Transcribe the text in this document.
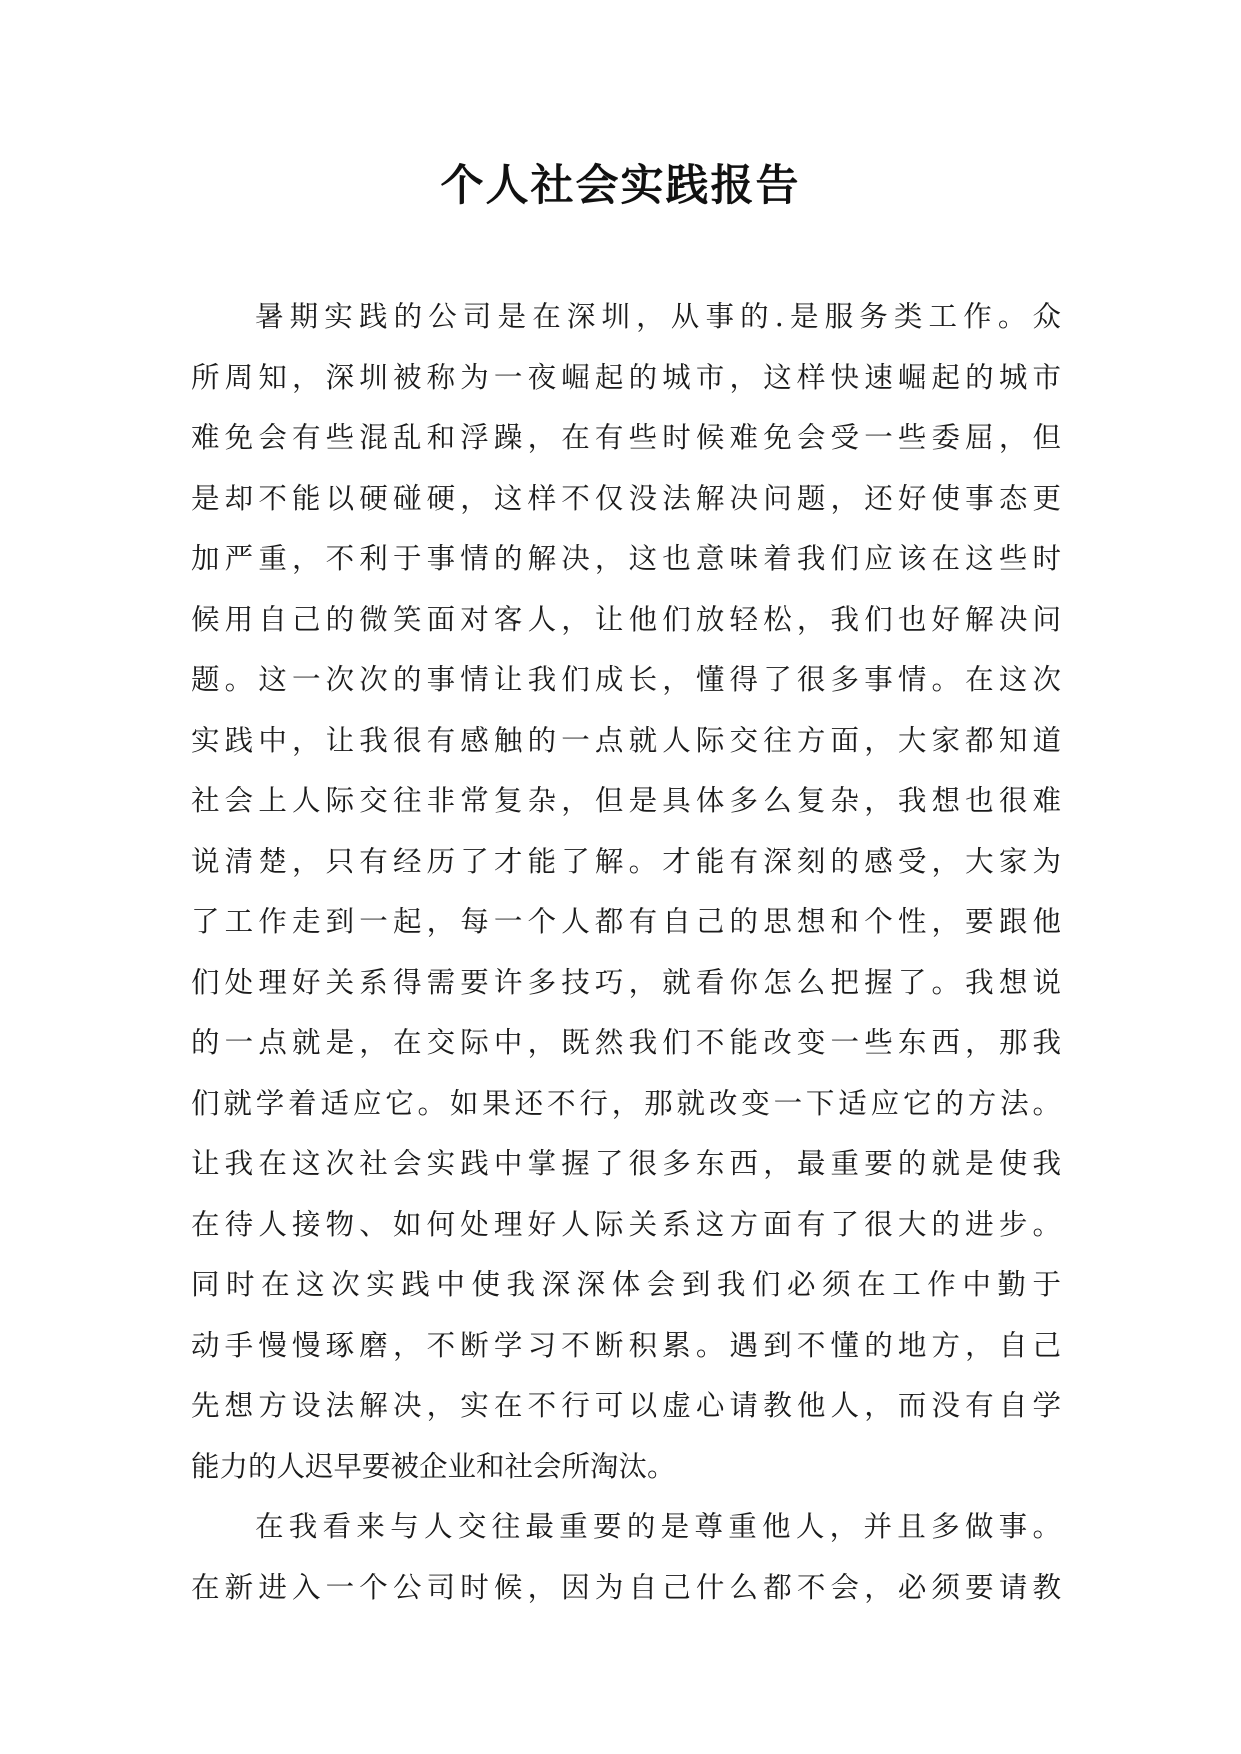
个人社会实践报告
暑期实践的公司是在深圳，从事的.是服务类工作。众
所周知，深圳被称为一夜崛起的城市，这样快速崛起的城市
难免会有些混乱和浮躁，在有些时候难免会受一些委屈，但
是却不能以硬碰硬，这样不仅没法解决问题，还好使事态更
加严重，不利于事情的解决，这也意味着我们应该在这些时
候用自己的微笑面对客人，让他们放轻松，我们也好解决问
题。这一次次的事情让我们成长，懂得了很多事情。在这次
实践中，让我很有感触的一点就人际交往方面，大家都知道
社会上人际交往非常复杂，但是具体多么复杂，我想也很难
说清楚，只有经历了才能了解。才能有深刻的感受，大家为
了工作走到一起，每一个人都有自己的思想和个性，要跟他
们处理好关系得需要许多技巧，就看你怎么把握了。我想说
的一点就是，在交际中，既然我们不能改变一些东西，那我
们就学着适应它。如果还不行，那就改变一下适应它的方法。
让我在这次社会实践中掌握了很多东西，最重要的就是使我
在待人接物、如何处理好人际关系这方面有了很大的进步。
同时在这次实践中使我深深体会到我们必须在工作中勤于
动手慢慢琢磨，不断学习不断积累。遇到不懂的地方，自己
先想方设法解决，实在不行可以虚心请教他人，而没有自学
能力的人迟早要被企业和社会所淘汰。
在我看来与人交往最重要的是尊重他人，并且多做事。
在新进入一个公司时候，因为自己什么都不会，必须要请教
